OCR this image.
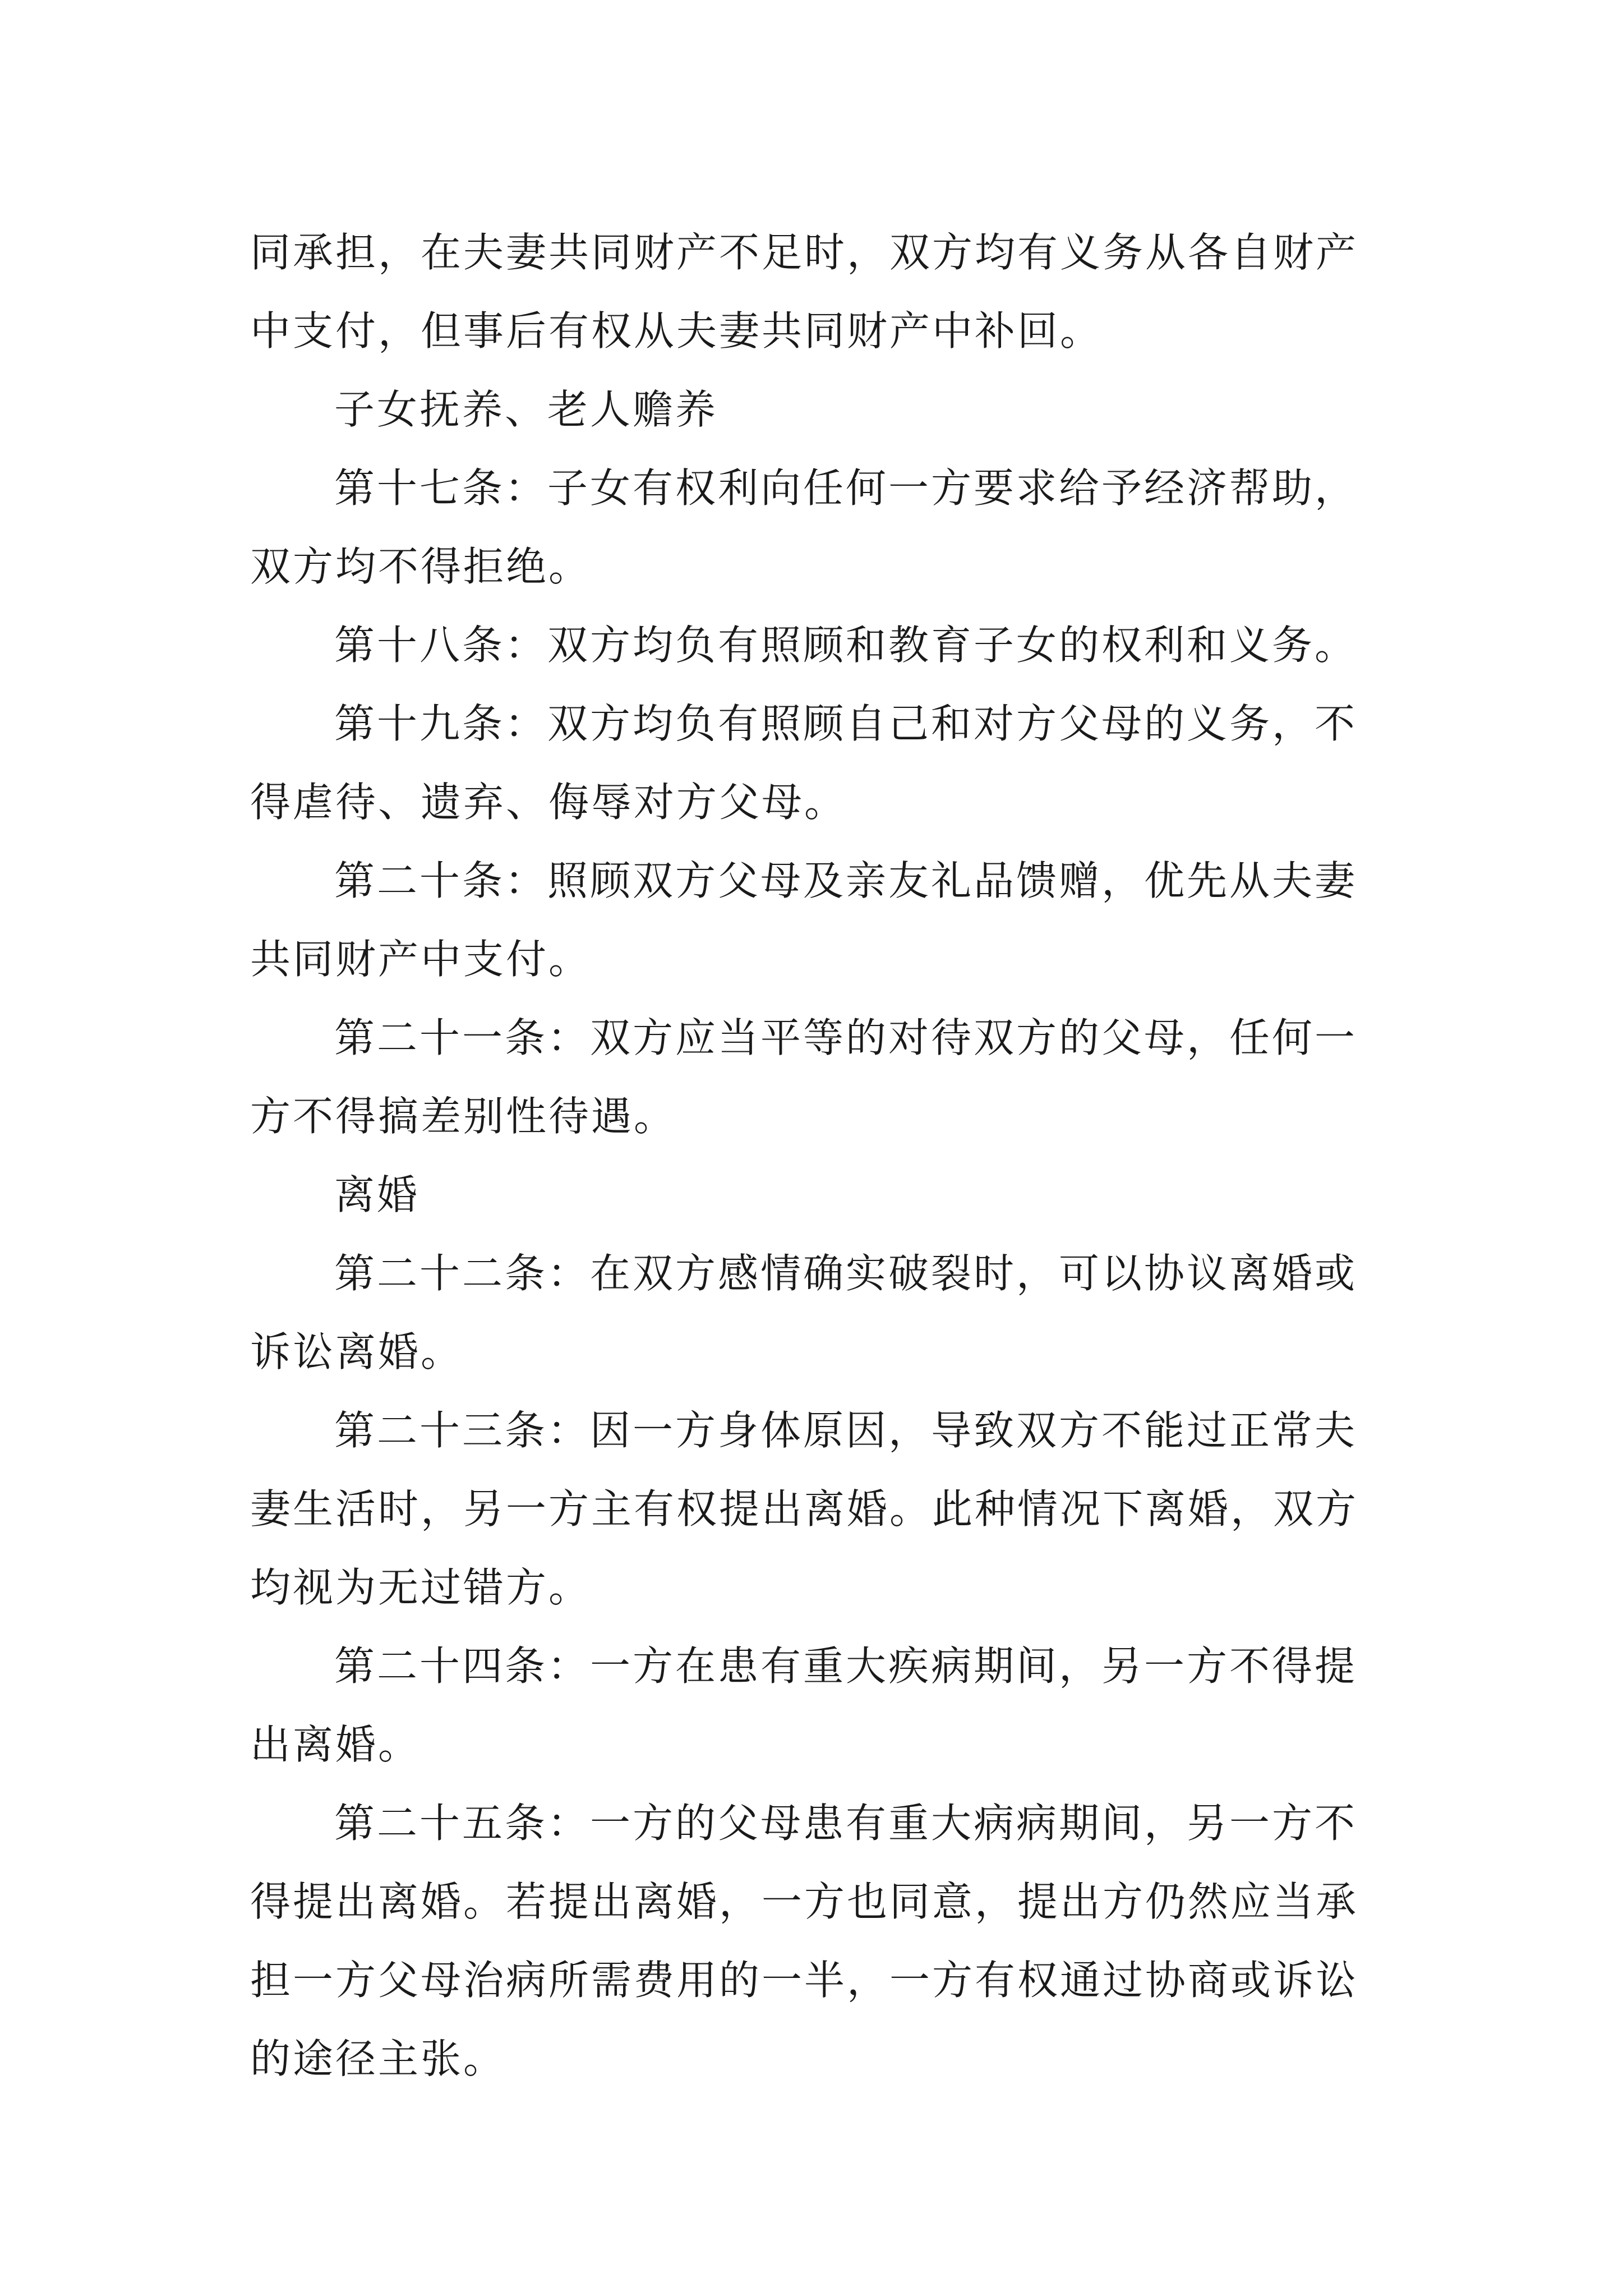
同承担，在夫妻共同财产不足时，双方均有义务从各自财产
中支付，但事后有权从夫妻共同财产中补回。
子女抚养、老人赡养
第十七条：子女有权利向任何一方要求给予经济帮助，
双方均不得拒绝。
第十八条：双方均负有照顾和教育子女的权利和义务。
第十九条：双方均负有照顾自己和对方父母的义务，不
得虐待、遗弃、侮辱对方父母。
第二十条：照顾双方父母及亲友礼品馈赠，优先从夫妻
共同财产中支付。
第二十一条：双方应当平等的对待双方的父母，任何一
方不得搞差别性待遇。
离婚
第二十二条：在双方感情确实破裂时，可以协议离婚或
诉讼离婚。
第二十三条：因一方身体原因，导致双方不能过正常夫
妻生活时，另一方主有权提出离婚。此种情况下离婚，双方
均视为无过错方。
第二十四条：一方在患有重大疾病期间，另一方不得提
出离婚。
第二十五条：一方的父母患有重大病病期间，另一方不
得提出离婚。若提出离婚，一方也同意，提出方仍然应当承
担一方父母治病所需费用的一半，一方有权通过协商或诉讼
的途径主张。
